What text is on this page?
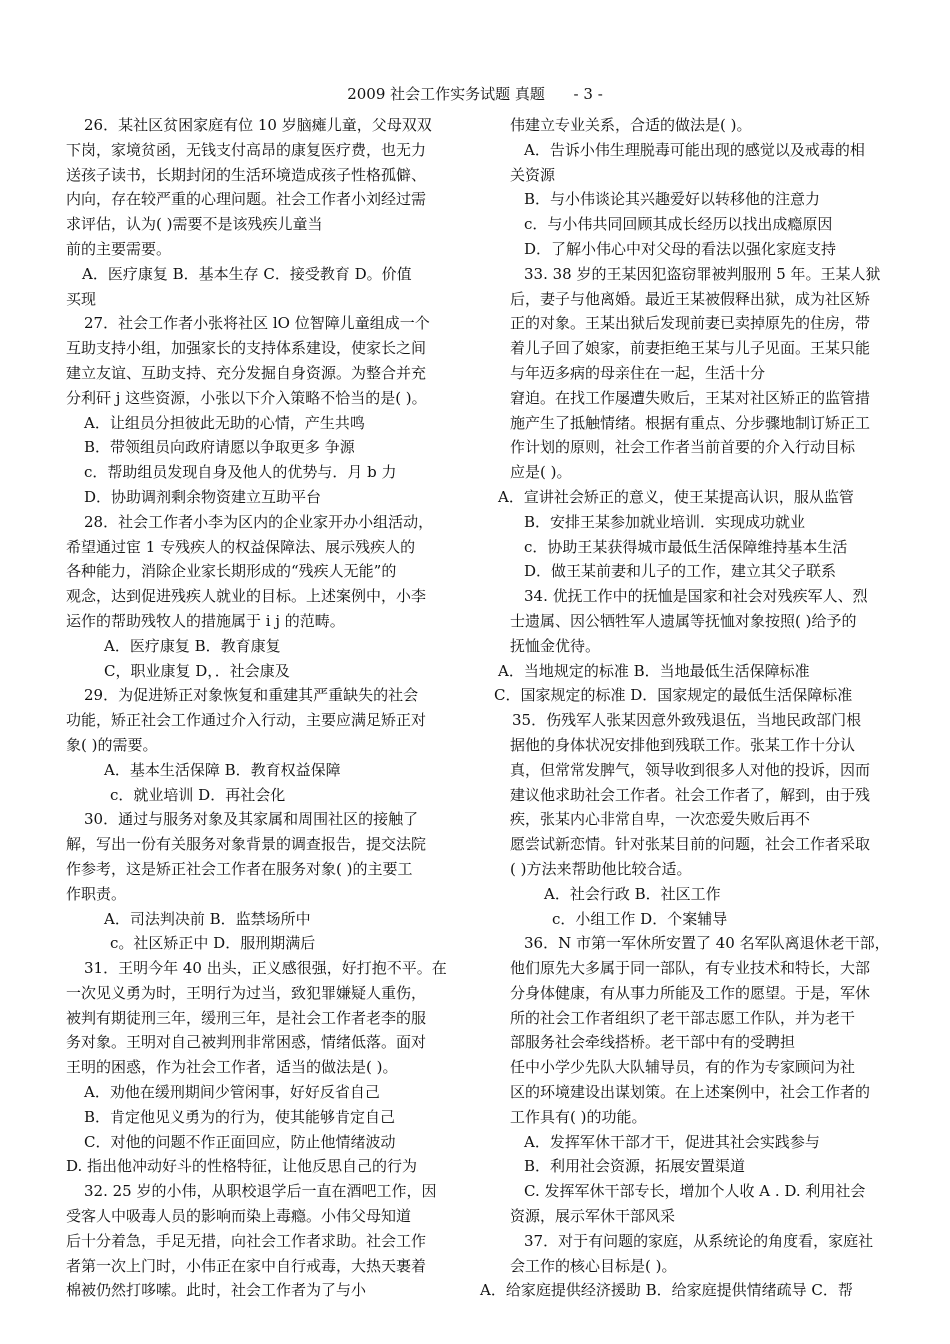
2009 社会工作实务试题 真题 - 3 -
26．某社区贫困家庭有位 10 岁脑瘫儿童，父母双双
下岗，家境贫函，无钱支付高昂的康复医疗费，也无力
送孩子读书，长期封闭的生活环境造成孩子性格孤僻、
内向，存在较严重的心理问题。社会工作者小刘经过需
求评估，认为( )需要不是该残疾儿童当
前的主要需要。
A．医疗康复 B．基本生存 C．接受教育 D。价值
买现
27．社会工作者小张将社区 lO 位智障儿童组成一个
互助支持小组，加强家长的支持体系建设，使家长之间
建立友谊、互助支持、充分发掘自身资源。为整合并充
分利矸 j 这些资源，小张以下介入策略不恰当的是( )。
A．让组员分担彼此无助的心情，产生共鸣
B．带领组员向政府请愿以争取更多 争源
c．帮助组员发现自身及他人的优势与．月 b 力
D．协助调剂剩余物资建立互助平台
28．社会工作者小李为区内的企业家开办小组活动，
希望通过宦 1 专残疾人的权益保障法、展示残疾人的
各种能力，消除企业家长期形成的“残疾人无能”的
观念，达到促进残疾人就业的目标。上述案例中，小李
运作的帮助残牧人的措施属于 i j 的范畴。
A．医疗康复 B．教育康复
C，职业康复 D，．社会康及
29．为促进矫正对象恢复和重建其严重缺失的社会
功能，矫正社会工作通过介入行动，主要应满足矫正对
象( )的需要。
A．基本生活保障 B．教育权益保障
c．就业培训 D．再社会化
30．通过与服务对象及其家属和周围社区的接触了
解，写出一份有关服务对象背景的调查报告，提交法院
作参考，这是矫正社会工作者在服务对象( )的主要工
作职责。
A．司法判决前 B．监禁场所中
c。社区矫正中 D．服刑期满后
31．王明今年 40 出头，正义感很强，好打抱不平。在
一次见义勇为时，王明行为过当，致犯罪嫌疑人重伤，
被判有期徒刑三年，缓刑三年，是社会工作者老李的服
务对象。王明对自己被判刑非常困惑，情绪低落。面对
王明的困惑，作为社会工作者，适当的做法是( )。
A．劝他在缓刑期间少管闲事，好好反省自己
B．肯定他见义勇为的行为，使其能够肯定自己
C．对他的问题不作正面回应，防止他情绪波动
D. 指出他冲动好斗的性格特征，让他反思自己的行为
32. 25 岁的小伟，从职校退学后一直在酒吧工作，因
受客人中吸毒人员的影响而染上毒瘾。小伟父母知道
后十分着急，手足无措，向社会工作者求助。社会工作
者第一次上门时，小伟正在家中自行戒毒，大热天裹着
棉被仍然打哆嗦。此时，社会工作者为了与小
伟建立专业关系，合适的做法是( )。
A．告诉小伟生理脱毒可能出现的感觉以及戒毒的相
关资源
B．与小伟谈论其兴趣爱好以转移他的注意力
c．与小伟共同回顾其成长经历以找出成瘾原因
D．了解小伟心中对父母的看法以强化家庭支持
33. 38 岁的王某因犯盗窃罪被判服刑 5 年。王某人狱
后，妻子与他离婚。最近王某被假释出狱，成为社区矫
正的对象。王某出狱后发现前妻已卖掉原先的住房，带
着儿子回了娘家，前妻拒绝王某与儿子见面。王某只能
与年迈多病的母亲住在一起，生活十分
窘迫。在找工作屡遭失败后，王某对社区矫正的监管措
施产生了抵触情绪。根据有重点、分步骤地制订矫正工
作计划的原则，社会工作者当前首要的介入行动目标
应是( )。
A．宣讲社会矫正的意义，使王某提高认识，服从监管
B．安排王某参加就业培训．实现成功就业
c．协助王某获得城市最低生活保障维持基本生活
D．做王某前妻和儿子的工作，建立其父子联系
34. 优抚工作中的抚恤是国家和社会对残疾军人、烈
士遗属、因公牺牲军人遗属等抚恤对象按照( )给予的
抚恤金优待。
A．当地规定的标准 B．当地最低生活保障标准
C．国家规定的标准 D．国家规定的最低生活保障标准
35．伤残军人张某因意外致残退伍，当地民政部门根
据他的身体状况安排他到残联工作。张某工作十分认
真，但常常发脾气，领导收到很多人对他的投诉，因而
建议他求助社会工作者。社会工作者了，解到，由于残
疾，张某内心非常自卑，一次恋爱失败后再不
愿尝试新恋情。针对张某目前的问题，社会工作者采取
( )方法来帮助他比较合适。
A．社会行政 B．社区工作
c．小组工作 D．个案辅导
36．N 市第一军休所安置了 40 名军队离退休老干部，
他们原先大多属于同一部队，有专业技术和特长，大部
分身体健康，有从事力所能及工作的愿望。于是，军休
所的社会工作者组织了老干部志愿工作队，并为老干
部服务社会牵线搭桥。老干部中有的受聘担
任中小学少先队大队辅导员，有的作为专家顾问为社
区的环境建设出谋划策。在上述案例中，社会工作者的
工作具有( )的功能。
A．发挥军休干部才干，促进其社会实践参与
B．利用社会资源，拓展安置渠道
C. 发挥军休干部专长，增加个人收 A . D. 利用社会
资源，展示军休干部风采
37．对于有问题的家庭，从系统论的角度看，家庭社
会工作的核心目标是( )。
A．给家庭提供经济援助 B．给家庭提供情绪疏导 C．帮
